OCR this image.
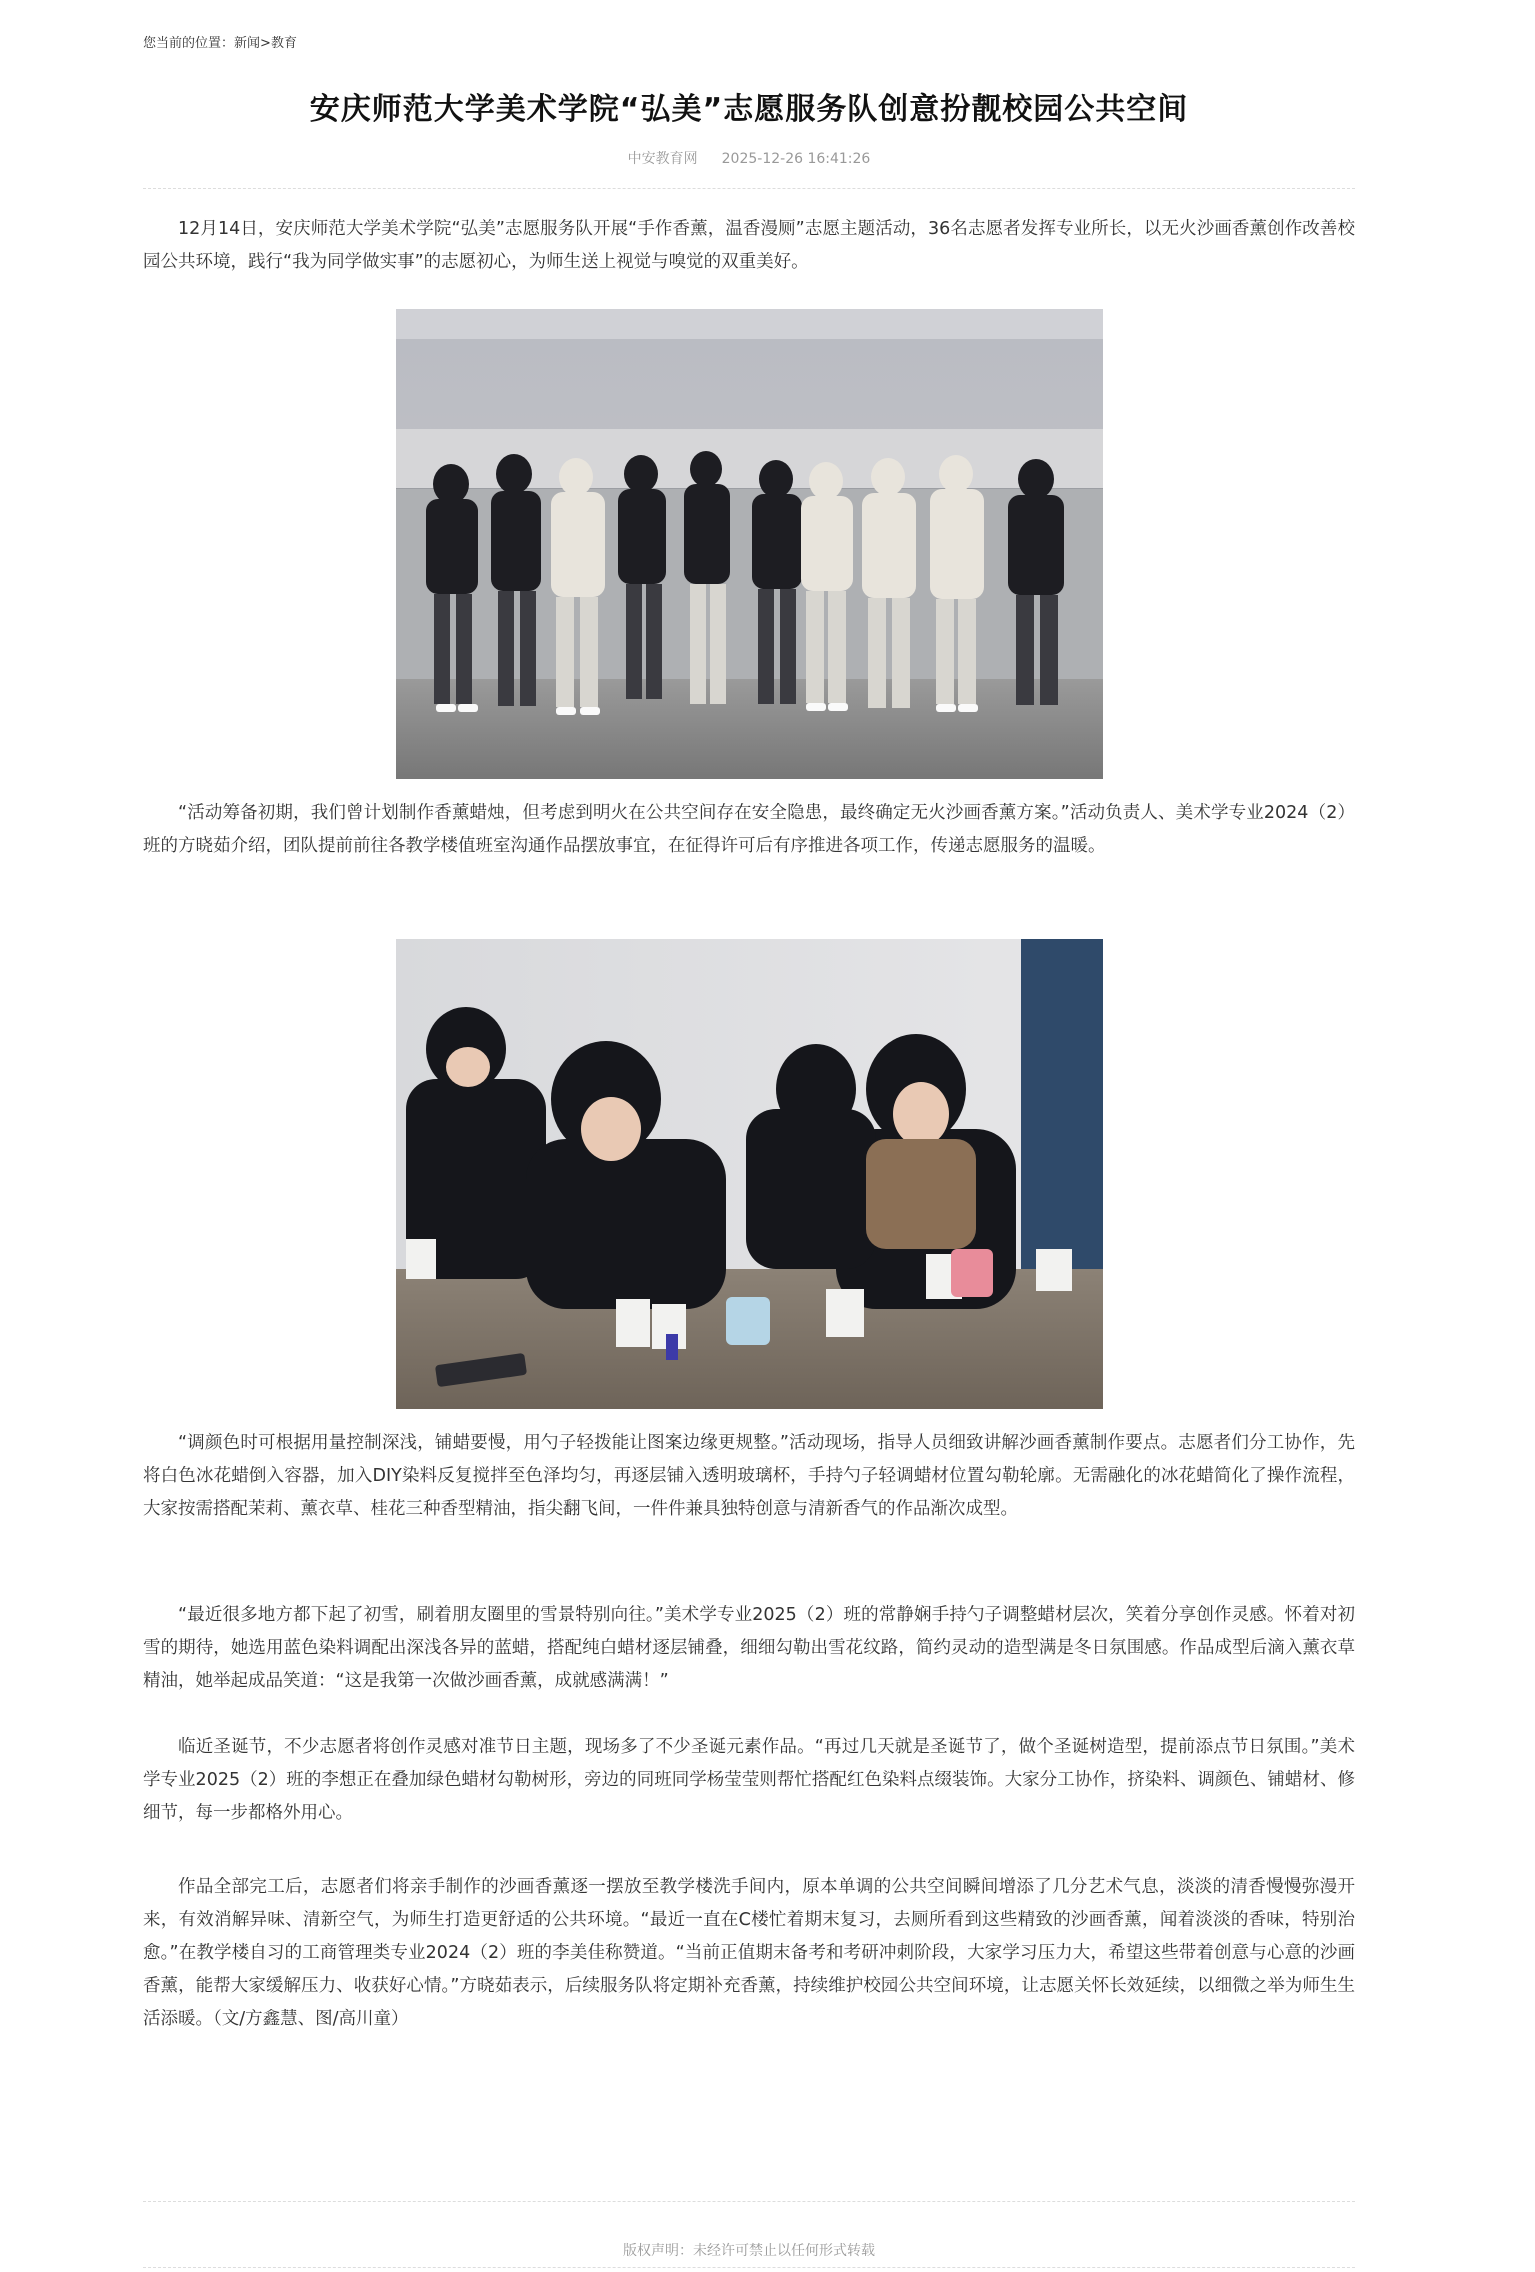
您当前的位置：新闻>教育
安庆师范大学美术学院“弘美”志愿服务队创意扮靓校园公共空间
中安教育网 2025-12-26 16:41:26

12月14日，安庆师范大学美术学院“弘美”志愿服务队开展“手作香薰，温香漫厕”志愿主题活动，36名志愿者发挥专业所长，以无火沙画香薰创作改善校园公共环境，践行“我为同学做实事”的志愿初心，为师生送上视觉与嗅觉的双重美好。

“活动筹备初期，我们曾计划制作香薰蜡烛，但考虑到明火在公共空间存在安全隐患，最终确定无火沙画香薰方案。”活动负责人、美术学专业2024（2）班的方晓茹介绍，团队提前前往各教学楼值班室沟通作品摆放事宜，在征得许可后有序推进各项工作，传递志愿服务的温暖。

“调颜色时可根据用量控制深浅，铺蜡要慢，用勺子轻拨能让图案边缘更规整。”活动现场，指导人员细致讲解沙画香薰制作要点。志愿者们分工协作，先将白色冰花蜡倒入容器，加入DIY染料反复搅拌至色泽均匀，再逐层铺入透明玻璃杯，手持勺子轻调蜡材位置勾勒轮廓。无需融化的冰花蜡简化了操作流程，大家按需搭配茉莉、薰衣草、桂花三种香型精油，指尖翻飞间，一件件兼具独特创意与清新香气的作品渐次成型。

“最近很多地方都下起了初雪，刷着朋友圈里的雪景特别向往。”美术学专业2025（2）班的常静娴手持勺子调整蜡材层次，笑着分享创作灵感。怀着对初雪的期待，她选用蓝色染料调配出深浅各异的蓝蜡，搭配纯白蜡材逐层铺叠，细细勾勒出雪花纹路，简约灵动的造型满是冬日氛围感。作品成型后滴入薰衣草精油，她举起成品笑道：“这是我第一次做沙画香薰，成就感满满！”

临近圣诞节，不少志愿者将创作灵感对准节日主题，现场多了不少圣诞元素作品。“再过几天就是圣诞节了，做个圣诞树造型，提前添点节日氛围。”美术学专业2025（2）班的李想正在叠加绿色蜡材勾勒树形，旁边的同班同学杨莹莹则帮忙搭配红色染料点缀装饰。大家分工协作，挤染料、调颜色、铺蜡材、修细节，每一步都格外用心。

作品全部完工后，志愿者们将亲手制作的沙画香薰逐一摆放至教学楼洗手间内，原本单调的公共空间瞬间增添了几分艺术气息，淡淡的清香慢慢弥漫开来，有效消解异味、清新空气，为师生打造更舒适的公共环境。“最近一直在C楼忙着期末复习，去厕所看到这些精致的沙画香薰，闻着淡淡的香味，特别治愈。”在教学楼自习的工商管理类专业2024（2）班的李美佳称赞道。“当前正值期末备考和考研冲刺阶段，大家学习压力大，希望这些带着创意与心意的沙画香薰，能帮大家缓解压力、收获好心情。”方晓茹表示，后续服务队将定期补充香薰，持续维护校园公共空间环境，让志愿关怀长效延续，以细微之举为师生生活添暖。（文/方鑫慧、图/高川童）

版权声明：未经许可禁止以任何形式转载
